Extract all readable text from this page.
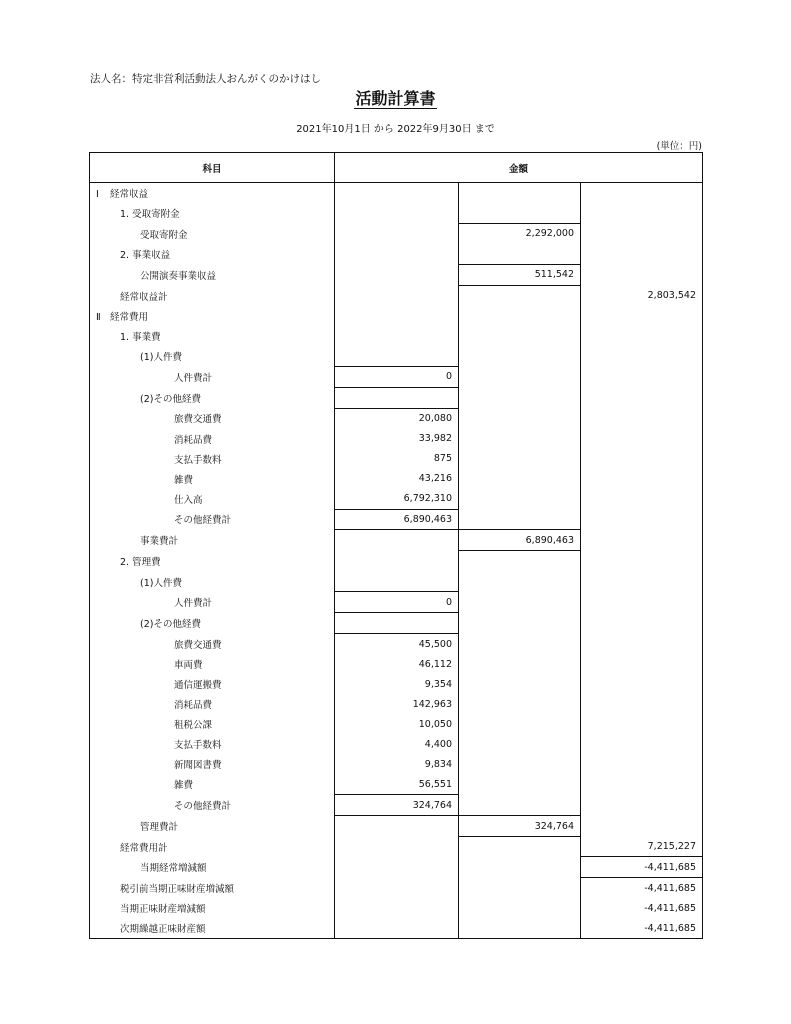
法人名：特定非営利活動法人おんがくのかけはし
活動計算書
2021年10月1日 から 2022年9月30日 まで
(単位：円)
科目	金額		
Ⅰ 経常収益			
1. 受取寄附金			
受取寄附金		2,292,000	
2. 事業収益			
公開演奏事業収益		511,542	
経常収益計			2,803,542
Ⅱ 経常費用			
1. 事業費			
(1)人件費			
人件費計	0		
(2)その他経費			
旅費交通費	20,080		
消耗品費	33,982		
支払手数料	875		
雑費	43,216		
仕入高	6,792,310		
その他経費計	6,890,463		
事業費計		6,890,463	
2. 管理費			
(1)人件費			
人件費計	0		
(2)その他経費			
旅費交通費	45,500		
車両費	46,112		
通信運搬費	9,354		
消耗品費	142,963		
租税公課	10,050		
支払手数料	4,400		
新聞図書費	9,834		
雑費	56,551		
その他経費計	324,764		
管理費計		324,764	
経常費用計			7,215,227
当期経常増減額			-4,411,685
税引前当期正味財産増減額			-4,411,685
当期正味財産増減額			-4,411,685
次期繰越正味財産額			-4,411,685
